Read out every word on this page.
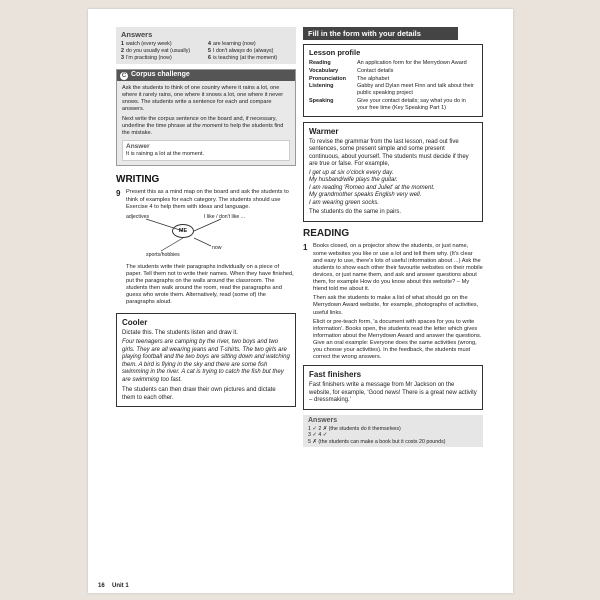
Answers
1 watch (every week)	4 are learning (now)
2 do you usually eat (usually)	5 I don't always do (always)
3 I'm practising (now)	6 is teaching (at the moment)
C Corpus challenge

Ask the students to think of one country where it rains a lot, one where it rarely rains, one where it snows a lot, one where it never snows. The students write a sentence for each and compare answers.

Next write the corpus sentence on the board and, if necessary, underline the time phrase at the moment to help the students find the mistake.

Answer
It is raining a lot at the moment.
WRITING
9 Present this as a mind map on the board and ask the students to think of examples for each category. The students should use Exercise 4 to help them with ideas and language.

adjectives	I like / don't like ...
ME
now
sports/hobbies

The students write their paragraphs individually on a piece of paper. Tell them not to write their names. When they have finished, put the paragraphs on the walls around the classroom. The students then walk around the room, read the paragraphs and guess who wrote them. Alternatively, read (some of) the paragraphs aloud.

Cooler

Dictate this. The students listen and draw it.

Four teenagers are camping by the river, two boys and two girls. They are all wearing jeans and T-shirts. The two girls are playing football and the two boys are sitting down and watching them. A bird is flying in the sky and there are some fish swimming in the river. A cat is trying to catch the fish but they are swimming too fast.

The students can then draw their own pictures and dictate them to each other.

Fill in the form with your details
Lesson profile
Reading	An application form for the Merrydown Award
Vocabulary	Contact details
Pronunciation	The alphabet
Listening	Gabby and Dylan meet Finn and talk about their public speaking project
Speaking	Give your contact details; say what you do in your free time (Key Speaking Part 1)
Warmer

To revise the grammar from the last lesson, read out five sentences, some present simple and some present continuous, about yourself. The students must decide if they are true or false. For example,

I get up at six o'clock every day.
My husband/wife plays the guitar.
I am reading 'Romeo and Juliet' at the moment.
My grandmother speaks English very well.
I am wearing green socks.

The students do the same in pairs.

READING
1 Books closed, on a projector show the students, or just name, some websites you like or use a lot and tell them why. (It's clear and easy to use, there's lots of useful information about ...) Ask the students to show each other their favourite websites on their mobile devices, or just name them, and ask and answer questions about them, for example How do you know about this website? – My friend told me about it.

Then ask the students to make a list of what should go on the Merrydown Award website, for example, photographs of activities, useful links.

Elicit or pre-teach form, 'a document with spaces for you to write information'. Books open, the students read the letter which gives information about the Merrydown Award and answer the questions. Give an oral example: Everyone does the same activities (wrong, you choose your activities). In the feedback, the students must correct the wrong answers.

Fast finishers

Fast finishers write a message from Mr Jackson on the website, for example, 'Good news! There is a great new activity – dressmaking.'

Answers
1 ✓ 2 ✗ (the students do it themselves)
3 ✓ 4 ✓
5 ✗ (the students can make a book but it costs 20 pounds)
16 Unit 1
